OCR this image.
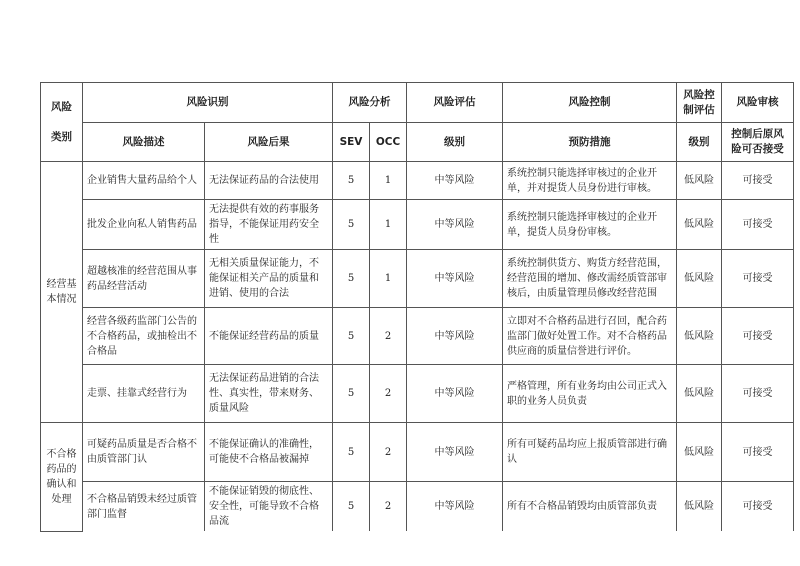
风险

类别	风险识别		风险分析		风险评估	风险控制	风险控
制评估	风险审核
	风险描述	风险后果	SEV	OCC	级别	预防措施	级别	控制后原风
险可否接受
经营基
本情况	企业销售大量药品给个人	无法保证药品的合法使用	5	1	中等风险	系统控制只能选择审核过的企业开单，并对提货人员身份进行审核。	低风险	可接受
	批发企业向私人销售药品	无法提供有效的药事服务指导，不能保证用药安全性	5	1	中等风险	系统控制只能选择审核过的企业开单，提货人员身份审核。	低风险	可接受
	超越核准的经营范围从事药品经营活动	无相关质量保证能力，不能保证相关产品的质量和进销、使用的合法	5	1	中等风险	系统控制供货方、购货方经营范围，经营范围的增加、修改需经质管部审核后，由质量管理员修改经营范围	低风险	可接受
	经营各级药监部门公告的不合格药品，或抽检出不合格品	不能保证经营药品的质量	5	2	中等风险	立即对不合格药品进行召回，配合药监部门做好处置工作。对不合格药品供应商的质量信誉进行评价。	低风险	可接受
	走票、挂靠式经营行为	无法保证药品进销的合法性、真实性，带来财务、质量风险	5	2	中等风险	严格管理，所有业务均由公司正式入职的业务人员负责	低风险	可接受
不合格
药品的
确认和
处理	可疑药品质量是否合格不由质管部门认	不能保证确认的准确性，可能使不合格品被漏掉	5	2	中等风险	所有可疑药品均应上报质管部进行确认	低风险	可接受
	不合格品销毁未经过质管部门监督	不能保证销毁的彻底性、安全性，可能导致不合格品流	5	2	中等风险	所有不合格品销毁均由质管部负责	低风险	可接受
